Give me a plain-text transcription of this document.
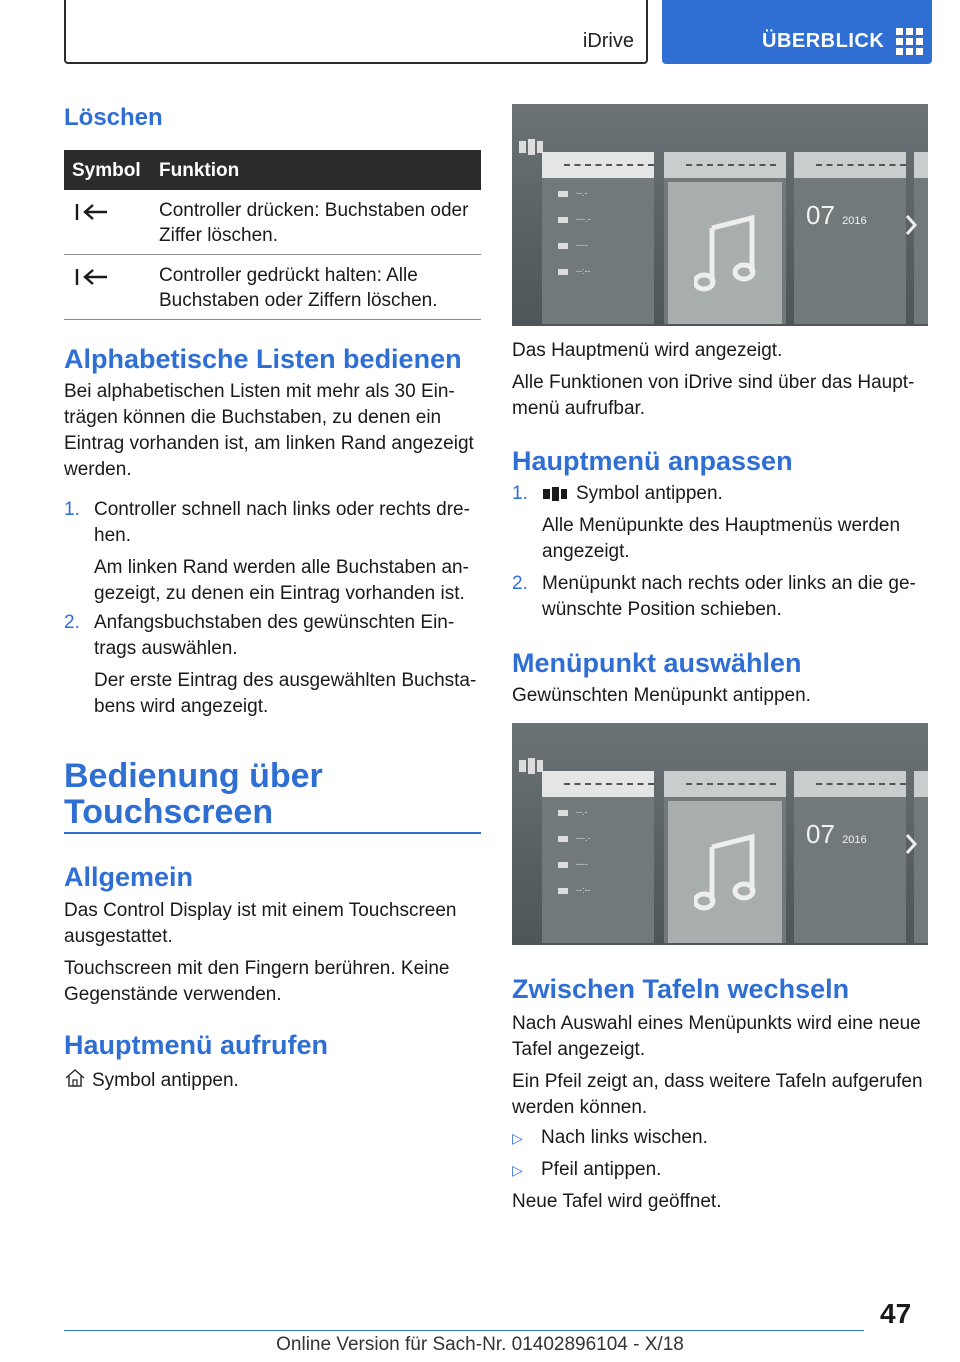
iDrive	ÜBERBLICK
Löschen
Symbol Funktion
Controller drücken: Buchstaben oder
Ziffer löschen.
Controller gedrückt halten: Alle
Buchstaben oder Ziffern löschen.
Alphabetische Listen bedienen
Bei alphabetischen Listen mit mehr als 30 Ein-
trägen können die Buchstaben, zu denen ein
Eintrag vorhanden ist, am linken Rand angezeigt
werden.
1. Controller schnell nach links oder rechts dre-
hen.
Am linken Rand werden alle Buchstaben an-
gezeigt, zu denen ein Eintrag vorhanden ist.
2. Anfangsbuchstaben des gewünschten Ein-
trags auswählen.
Der erste Eintrag des ausgewählten Buchsta-
bens wird angezeigt.
Bedienung über
Touchscreen
Allgemein
Das Control Display ist mit einem Touchscreen
ausgestattet.
Touchscreen mit den Fingern berühren. Keine
Gegenstände verwenden.
Hauptmenü aufrufen
Symbol antippen.
--.-
---.-
----
--:--
07 2016
Das Hauptmenü wird angezeigt.
Alle Funktionen von iDrive sind über das Haupt-
menü aufrufbar.
Hauptmenü anpassen
1.	Symbol antippen.
Alle Menüpunkte des Hauptmenüs werden
angezeigt.
2. Menüpunkt nach rechts oder links an die ge-
wünschte Position schieben.
Menüpunkt auswählen
Gewünschten Menüpunkt antippen.
--.-
---.-
----
--:--
07 2016
Zwischen Tafeln wechseln
Nach Auswahl eines Menüpunkts wird eine neue
Tafel angezeigt.
Ein Pfeil zeigt an, dass weitere Tafeln aufgerufen
werden können.
▷ Nach links wischen.
▷ Pfeil antippen.
Neue Tafel wird geöffnet.
47
Online Version für Sach-Nr. 01402896104 - X/18
